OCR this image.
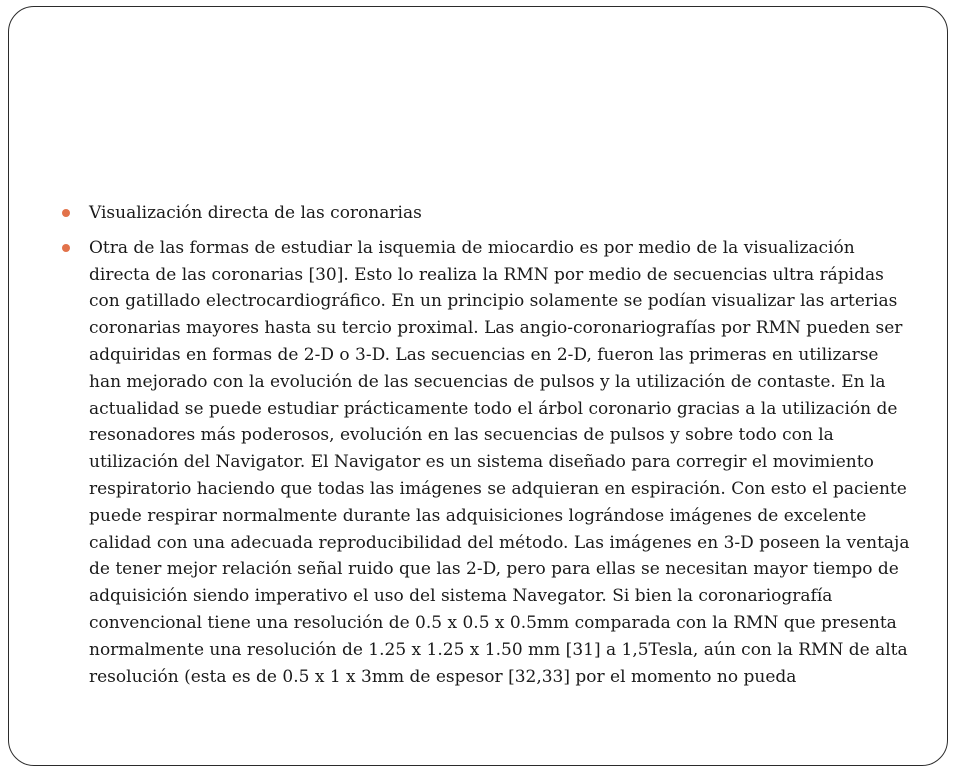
Visualización directa de las coronarias
Otra de las formas de estudiar la isquemia de miocardio es por medio de la visualización directa de las coronarias [30]. Esto lo realiza la RMN por medio de secuencias ultra rápidas con gatillado electrocardiográfico. En un principio solamente se podían visualizar las arterias coronarias mayores hasta su tercio proximal. Las angio-coronariografías por RMN pueden ser adquiridas en formas de 2-D o 3-D. Las secuencias en 2-D, fueron las primeras en utilizarse han mejorado con la evolución de las secuencias de pulsos y la utilización de contaste. En la actualidad se puede estudiar prácticamente todo el árbol coronario gracias a la utilización de resonadores más poderosos, evolución en las secuencias de pulsos y sobre todo con la utilización del Navigator. El Navigator es un sistema diseñado para corregir el movimiento respiratorio haciendo que todas las imágenes se adquieran en espiración. Con esto el paciente puede respirar normalmente durante las adquisiciones lográndose imágenes de excelente calidad con una adecuada reproducibilidad del método. Las imágenes en 3-D poseen la ventaja de tener mejor relación señal ruido que las 2-D, pero para ellas se necesitan mayor tiempo de adquisición siendo imperativo el uso del sistema Navegator. Si bien la coronariografía convencional tiene una resolución de 0.5 x 0.5 x 0.5mm comparada con la RMN que presenta normalmente una resolución de 1.25 x 1.25 x 1.50 mm [31] a 1,5Tesla, aún con la RMN de alta resolución (esta es de 0.5 x 1 x 3mm de espesor [32,33] por el momento no pueda
